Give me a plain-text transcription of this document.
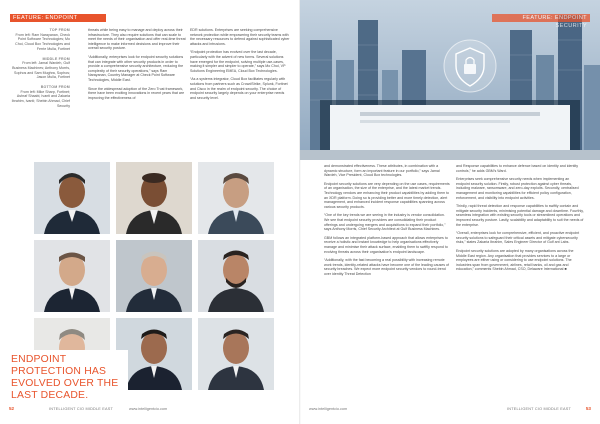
FEATURE: ENDPOINT SECURITY
TOP FROM
From left: Ram Narayanan, Check Point Software Technologies; Mo Choi, Cloud Box Technologies and Ferrie Mulla, Fortinet
MIDDLE FROM
From left: Jamal Wardeh, Gulf Business Machines; Anthony Morris, Sophos and Sam Mughra, Sophos; Jason Mulla, Fortinet
BOTTOM FROM
From left: Mike Sharp, Fortinet; Ashraf Shaabi, Ivanti and Zakaria Ibrahim, Ivanti; Shebin Ahmad, Chief Security

threats while being easy to manage and deploy across their infrastructure. They also require solutions that can scale to meet the needs of their organisation and offer real-time threat intelligence to make informed decisions and improve their overall security posture.

“Additionally, enterprises look for endpoint security solutions that can integrate with other security products in order to provide a comprehensive security architecture, reducing the complexity of their security operations,” says Ram Narayanan, Country Manager at Check Point Software Technologies, Middle East.

Since the widespread adoption of the Zero Trust framework, there have been exciting innovations in recent years that are improving the effectiveness of

EDR solutions. Enterprises are seeking comprehensive network protection while empowering their security teams with the necessary resources to defend against sophisticated cyber attacks and intrusions.

“Endpoint protection has evolved over the last decade, particularly with the advent of new forms. Several solutions have emerged for the endpoint, solving multiple use-cases, making it simpler and simpler to operate,” says Mo Choi, VP Solutions Engineering EMEA, Cloud Box Technologies.

“As a systems integrator, Cloud Box facilitates regularly with solutions from partners such as CrowdStrike, Splunk, Fortinet and Cisco in the realm of endpoint security. The choice of endpoint security largely depends on your enterprise needs and security level.

ENDPOINT PROTECTION HAS EVOLVED OVER THE LAST DECADE.
52	INTELLIGENT CIO MIDDLE EAST	www.intelligentcio.com
FEATURE: ENDPOINT SECURITY

and demonstrated effectiveness. These attributes, in combination with a dynamic structure, form an important feature in our portfolio,” says Jamal Wardeh, Vice President, Cloud Box technologies.

Endpoint security solutions are very depending on the use cases, requirements of an organisation, the size of the enterprise, and the latest market trends. Technology vendors are enhancing their product capabilities by adding them to an XDR platform. Doing so is providing better and more timely detection, alert management, and enhanced incident response capabilities spanning across various security products.

“One of the key trends we are seeing in the industry is vendor consolidation. We see that endpoint security providers are consolidating their product offerings and undergoing mergers and acquisitions to expand their portfolio,” says Anthony Morris, Chief Security Architect at Gulf Business Machines.

GBM follows an integrated platform-based approach that allows enterprises to receive a holistic and instant knowledge to help organisations effectively manage and minimise their attack surface, enabling them to swiftly respond to evolving threats across their organisation’s endpoint landscape.

“Additionally, with the fast becoming a real possibility with increasing remote work trends, identity-related attacks have become one of the leading causes of security breaches. We expect more endpoint security vendors to round-trend over identity Threat Detection

and Response capabilities to enhance defence based on identity and identity controls,” he adds GBM’s Ward.

Enterprises seek comprehensive security needs when implementing an endpoint security solution. Firstly, robust protection against cyber threats, including malware, ransomware, and zero-day exploits. Secondly, centralised management and monitoring capabilities for efficient policy configuration, enforcement, and visibility into endpoint activities.

Thirdly, rapid threat detection and response capabilities to swiftly contain and mitigate security incidents, minimising potential damage and downtime. Fourthly, seamless integration with existing security tools or streamlined operations and improved security posture. Lastly, scalability and adaptability to suit the needs of the enterprise.

“Overall, enterprises look for comprehensive, efficient, and proactive endpoint security solutions to safeguard their critical assets and mitigate cybersecurity risks,” states Zakaria Ibrahim, Sales Engineer Director of Gulf ant Labs.

Endpoint security solutions are adopted by many organisations across the Middle East region. Any organisation that provides services to a large or employees are either using or considering to use endpoint solutions. The industries span from government, airlines, retail banks, oil and gas and education,” comments Shebin Ahmad, CSO, Delaware International ■

www.intelligentcio.com	INTELLIGENT CIO MIDDLE EAST	53
